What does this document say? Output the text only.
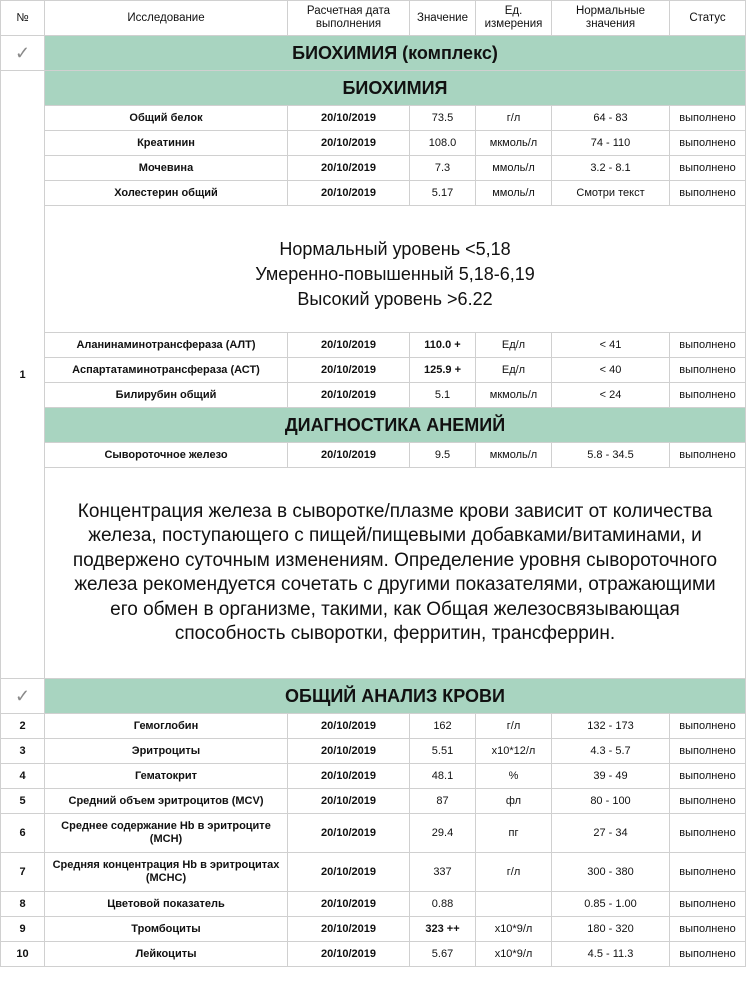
№	Исследование	Расчетная дата выполнения	Значение	Ед. измерения	Нормальные значения	Статус
✓	БИОХИМИЯ (комплекс)					
1	БИОХИМИЯ					
	Общий белок	20/10/2019	73.5	г/л	64 - 83	выполнено
	Креатинин	20/10/2019	108.0	мкмоль/л	74 - 110	выполнено
	Мочевина	20/10/2019	7.3	ммоль/л	3.2 - 8.1	выполнено
	Холестерин общий	20/10/2019	5.17	ммоль/л	Смотри текст	выполнено
	Нормальный уровень <5,18
Умеренно-повышенный 5,18-6,19
Высокий уровень >6.22					
	Аланинаминотрансфераза (АЛТ)	20/10/2019	110.0 +	Ед/л	< 41	выполнено
	Аспартатаминотрансфераза (АСТ)	20/10/2019	125.9 +	Ед/л	< 40	выполнено
	Билирубин общий	20/10/2019	5.1	мкмоль/л	< 24	выполнено
	ДИАГНОСТИКА АНЕМИЙ					
	Сывороточное железо	20/10/2019	9.5	мкмоль/л	5.8 - 34.5	выполнено
	Концентрация железа в сыворотке/плазме крови зависит от количества железа, поступающего с пищей/пищевыми добавками/витаминами, и подвержено суточным изменениям. Определение уровня сывороточного железа рекомендуется сочетать с другими показателями, отражающими его обмен в организме, такими, как Общая железосвязывающая способность сыворотки, ферритин, трансферрин.					
✓	ОБЩИЙ АНАЛИЗ КРОВИ					
2	Гемоглобин	20/10/2019	162	г/л	132 - 173	выполнено
3	Эритроциты	20/10/2019	5.51	x10*12/л	4.3 - 5.7	выполнено
4	Гематокрит	20/10/2019	48.1	%	39 - 49	выполнено
5	Средний объем эритроцитов (MCV)	20/10/2019	87	фл	80 - 100	выполнено
6	Среднее содержание Hb в эритроците (MCH)	20/10/2019	29.4	пг	27 - 34	выполнено
7	Средняя концентрация Hb в эритроцитах (MCHC)	20/10/2019	337	г/л	300 - 380	выполнено
8	Цветовой показатель	20/10/2019	0.88		0.85 - 1.00	выполнено
9	Тромбоциты	20/10/2019	323 ++	x10*9/л	180 - 320	выполнено
10	Лейкоциты	20/10/2019	5.67	x10*9/л	4.5 - 11.3	выполнено
